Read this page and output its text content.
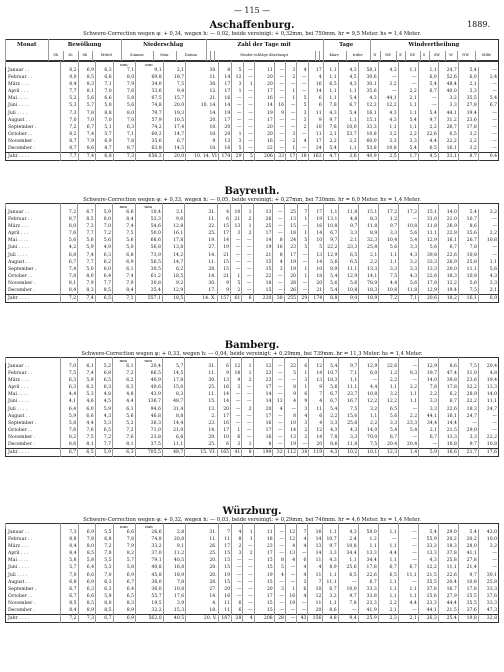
— 115 —
1889.
Aschaffenburg.
Schwere-Correction wegen φ: + 0,34, wegen h: — 0,02, beide vereinigt: + 0,32mm, bei 750mm. hr = 9,5 Meter. hs = 1,4 Meter.
Monat	Bewölkung				Niederschlag			Zahl der Tage mit					Tage		Windvertheilung								
	8h	2h	8h	Mittel	Summe	Max.	Datum			Nieder-schläge überhaupt			klare	trübe	N	NE	E	SE	S	SW	W	NW	Stille
				mm	mm																			
Januar . .	8,2	6,9	6,3	7,1	9,1	2,1	30.	8	5	—	11	—	3	4	17	1,1	4,3	58,1	4,3	1,1	1,1	24,7	5,4	—
Februar . .	9,0	8,5	6,6	8,0	69,8	18,7	11.	14	12	—	20	—	2	—	4	1,1	4,5	30,6	—	—	6,0	52,6	6,0	2,4
März . . .	8,4	8,3	7,1	7,9	34,0	7,5	30.	17	3	1	20	—	—	—	16	6,5	4,3	30,1	3,2	—	5,4	48,4	2,1	—
April . . .	7,7	8,1	7,0	7,6	33,6	9,4	12.	17	1	—	17	—	1	—	14	1,1	1,1	35,6	—	2,2	6,7	40,0	3,3	—
Mai . . . .	5,2	5,6	6,6	5,8	67,5	15,7	21.	16	—	—	16	—	1	5	6	1,1	5,4	4,3	44,1	2,1	—	3,2	35,5	5,4
Juni . . . .	5,3	5,7	5,8	5,6	74,8	20,0	10. 14.	14	—	—	14	16	—	5	6	7,8	6,7	12,2	12,2	1,1	—	3,3	27,8	6,7
Juli . . . .	7,3	7,8	8,8	8,0	79,7	19,3	14.	19	—	—	19	9	—	3	11	4,3	5,4	16,1	4,3	1,1	5,4	44,1	19,4	—
August . .	7,0	7,0	7,0	7,0	57,9	10,5	20.	17	—	—	17	—	—	3	9	9,7	1,1	15,1	4,3	5,4	9,7	31,2	23,6	—
September .	7,2	6,7	5,1	6,3	74,2	17,4	10.	20	—	—	20	—	—	2	10	7,8	10,0	33,3	1,1	1,1	2,2	26,7	17,8	—
October . .	8,2	7,4	5,7	7,1	60,2	14,7	10.	20	1	—	20	—	3	—	11	2,1	53,7	10,8	3,2	2,2	22,6	6,5	3,2	—
November .	8,7	7,9	6,9	7,8	35,6	6,7	9.	13	3	—	16	—	2	4	17	2,2	2,2	60,0	3,3	3,3	4,4	22,2	2,2	—
December .	8,7	8,6	8,7	8,7	63,8	14,5	10.	16	5	—	22	—	1	—	24	5,4	1,1	53,8	10,8	5,4	6,5	16,1	3,2	—
Jahr . . . .	7,7	7,4	6,8	7,3	656,3	20,0	10. 14. VI	174	29	5	206	33	17	18	163	4,7	3,6	40,9	2,5	1,7	4,5	33,1	8,7	0,4
Bayreuth.
Schwere-Correction wegen φ: + 0,33, wegen h: — 0,05, beide vereinigt: + 0,27mm, bei 730mm. hr = 6,0 Meter. hs = 1,4 Meter.
				mm	mm																			
Januar . .	7,2	6,7	5,9	6,6	10,4	3,1	31.	4	10	1	13	—	25	7	17	1,1	11,8	15,1	17,2	17,2	15,1	14,0	5,4	3,2
Februar . .	8,7	8,5	8,0	8,4	53,3	9,6	11.	6	21	2	26	—	13	1	19	13,1	4,8	8,3	1,2	—	31,0	21,0	10,7	—
März . . .	8,0	7,3	7,0	7,4	54,6	12,8	22.	15	13	1	25	—	15	—	16	10,8	9,7	11,8	9,7	10,8	11,8	26,9	8,6	—
April . . .	7,6	7,7	7,2	7,5	50,0	16,1	25.	17	3	2	17	—	18	1	14	6,7	3,3	8,9	3,3	5,6	11,1	22,8	35,6	2,2
Mai . . . .	5,6	5,6	5,6	5,6	68,6	17,8	19.	14	—	—	14	8	24	5	10	9,7	2,1	32,3	10,4	5,4	12,9	16,1	26,7	10,8
Juni . . . .	4,2	5,9	4,9	5,0	56,8	13,8	27.	19	—	—	19	16	23	5	5	22,2	23,3	25,8	5,6	3,3	5,6	6,7	7,8	—
Juli . . . .	6,8	7,4	6,3	6,8	73,9	14,2	14.	21	—	—	21	8	17	—	13	12,9	6,5	2,1	1,1	4,3	39,8	22,6	10,8	—
August . .	6,7	7,7	6,2	6,9	56,5	14,7	11.	15	—	—	15	4	19	—	14	5,6	6,5	2,2	1,1	3,2	33,3	26,9	25,8	1,1
September .	7,4	5,0	6,0	6,1	30,5	6,2	28.	15	—	—	15	3	19	1	10	8,9	11,1	13,3	3,3	3,3	13,3	20,0	11,1	5,6
October . .	7,8	8,0	6,4	7,4	61,2	18,5	14.	21	1	—	22	—	20	1	18	5,4	12,9	14,1	7,5	4,3	22,6	18,3	10,8	4,3
November .	8,1	7,9	7,7	7,9	30,8	9,2	30.	9	5	—	18	—	28	—	20	5,6	5,6	78,9	4,4	5,6	17,8	12,2	5,6	3,3
December .	8,4	8,3	8,5	8,4	35,4	12,9	17.	9	2	—	15	—	26	—	21	5,4	10,8	18,3	10,8	11,8	12,9	19,4	7,5	2,1
Jahr . . . .	7,2	7,4	6,5	7,1	557,1	18,5	14. X.	157	61	6	220	38	255	29	174	8,8	9,0	18,9	7,2	7,1	20,6	18,2	16,1	6,9
Bamberg.
Schwere-Correction wegen φ: + 0,33, wegen h: — 0,04, beide vereinigt: + 0,29mm, bei 739mm. hr = 11,3 Meter. hs = 1,4 Meter.
				mm	mm																			
Januar . .	7,0	6,1	5,2	6,1	20,4	5,7	31.	6	12	1	12	—	22	6	12	5,4	9,7	12,9	22,6	—	12,9	8,6	7,5	20,4
Februar . .	7,5	7,4	6,8	7,2	66,5	14,5	11.	9	18	1	23	—	5	1	14	10,7	7,1	6,0	1,2	8,3	19,7	47,4	31,0	4,8
März . . .	6,3	5,9	6,5	6,2	40,9	17,8	30.	13	9	2	23	—	—	3	13	18,3	1,1	—	2,2	—	14,0	39,8	23,6	19,4
April . . .	6,3	6,2	6,3	6,3	49,6	15,0	25.	16	3	—	17	—	8	1	9	5,6	11,1	4,4	1,1	2,2	7,8	17,8	32,2	13,3
Mai . . . .	4,4	5,3	4,8	4,8	43,9	8,3	11.	14	—	—	14	—	9	6	7	6,7	23,7	10,8	3,2	1,1	2,2	6,2	28,9	14,0
Juni . . . .	4,1	4,6	4,5	4,4	136,7	48,7	15.	14	—	—	14	13	4	9	4	6,7	16,7	12,2	12,2	1,1	3,3	6,7	22,2	11,1
Juli . . . .	6,4	6,0	5,9	6,1	94,6	31,4	13.	20	—	2	20	4	—	3	11	5,4	7,5	3,2	6,5	—	3,3	22,6	18,3	24,7
August . .	5,9	6,6	4,3	5,6	46,8	8,8	2.	17	—	—	17	—	8	4	6	2,2	15,6	1,1	5,6	2,2	44,1	16,1	24,7	—
September .	5,8	4,4	5,3	5,2	36,3	14,4	23.	16	—	—	16	—	10	3	4	3,3	25,6	2,2	3,3	23,3	34,4	14,4	—	—
October . .	7,6	7,6	6,5	7,2	71,0	21,0	14.	17	1	—	17	—	14	2	12	4,3	4,3	14,0	5,4	5,4	2,1	21,5	29,0	—
November .	8,2	7,5	7,2	7,6	23,8	6,6	29.	10	6	—	16	—	13	2	14	7,8	3,3	70,0	6,7	—	6,7	13,3	3,3	22,2
December .	8,6	8,1	7,7	8,1	37,5	11,1	25.	6	3	1	8	—	19	—	20	8,6	11,8	7,5	20,4	20,4	—	10,8	9,7	10,8
Jahr . . . .	6,7	6,5	5,9	6,3	705,5	48,7	15. VI.	165	41	8	199	32	112	38	119	4,3	10,2	10,1	12,3	1,4	5,9	16,6	21,7	17,6
Würzburg.
Schwere-Correction wegen φ: + 0,32, wegen h: — 0,03, beide vereinigt: + 0,29mm, bei 746mm. hr = 4,6 Meter. hs = 1,4 Meter.
				mm	mm																			
Januar . .	7,3	6,9	5,5	6,6	26,6	2,8	31.	7	4	1	11	—	12	7	16	1,1	4,3	50,0	1,1	—	5,4	29,0	5,4	43,0
Februar . .	8,8	7,8	6,8	7,8	74,8	20,8	11.	11	8	1	18	—	12	4	14	10,7	2,4	1,2	—	—	55,9	20,2	20,2	10,0
März . . .	8,4	8,0	7,2	7,9	33,2	9,1	26.	17	2	—	23	—	4	4	13	9,7	10,8	1,1	1,1	—	33,3	18,3	28,0	3,2
April . . .	8,4	8,5	7,8	8,2	37,0	11,2	25.	15	3	2	17	—	13	—	14	3,3	34,4	13,3	4,4	—	13,3	37,8	41,1	—
Mai . . . .	5,8	5,8	5,5	5,7	79,1	40,5	20.	15	—	—	15	8	4	6	11	4,3	1,1	34,4	1,1	—	4,3	25,8	27,8	—
Juni . . . .	5,7	6,4	5,3	5,8	40,8	16,8	28.	15	—	—	15	5	—	4	4	8,9	25,6	17,8	6,7	6,7	12,2	11,1	21,4	—
Juli . . . .	7,0	6,6	7,0	6,9	45,8	18,9	20.	19	—	—	19	4	—	4	11	1,1	6,5	22,6	6,5	11,1	21,5	22,6	9,7	30,1
August . .	6,8	6,9	6,3	6,7	36,0	7,8	28.	15	—	—	15	—	—	3	7	11,1	—	6,7	1,1	—	35,5	20,4	10,8	25,8
September .	6,7	6,3	6,3	6,4	36,0	10,8	27.	20	—	—	20	3	1	6	10	6,7	10,0	33,3	1,1	1,1	37,8	16,7	17,8	33,3
October . .	6,7	6,6	5,9	6,5	55,7	17,6	14.	16	—	—	17	—	16	4	12	3,2	9,7	33,8	1,1	1,1	15,6	27,9	15,5	37,6
November .	8,5	8,5	8,0	8,3	19,5	3,9	4.	11	6	—	15	—	19	—	11	1,1	7,8	23,3	2,2	4,4	23,3	44,4	35,5	33,3
December .	8,4	8,9	8,5	8,9	32,2	15,3	18.	11	6	—	15	—	—	—	20	8,6	—	41,9	2,1	—	44,1	21,5	37,6	47,3
Jahr . . . .	7,2	7,3	6,7	6,9	562,0	40,5	20. V.	187	28	4	208	28	—	43	156	4,8	9,4	25,9	2,3	2,1	26,3	25,4	19,8	32,8
